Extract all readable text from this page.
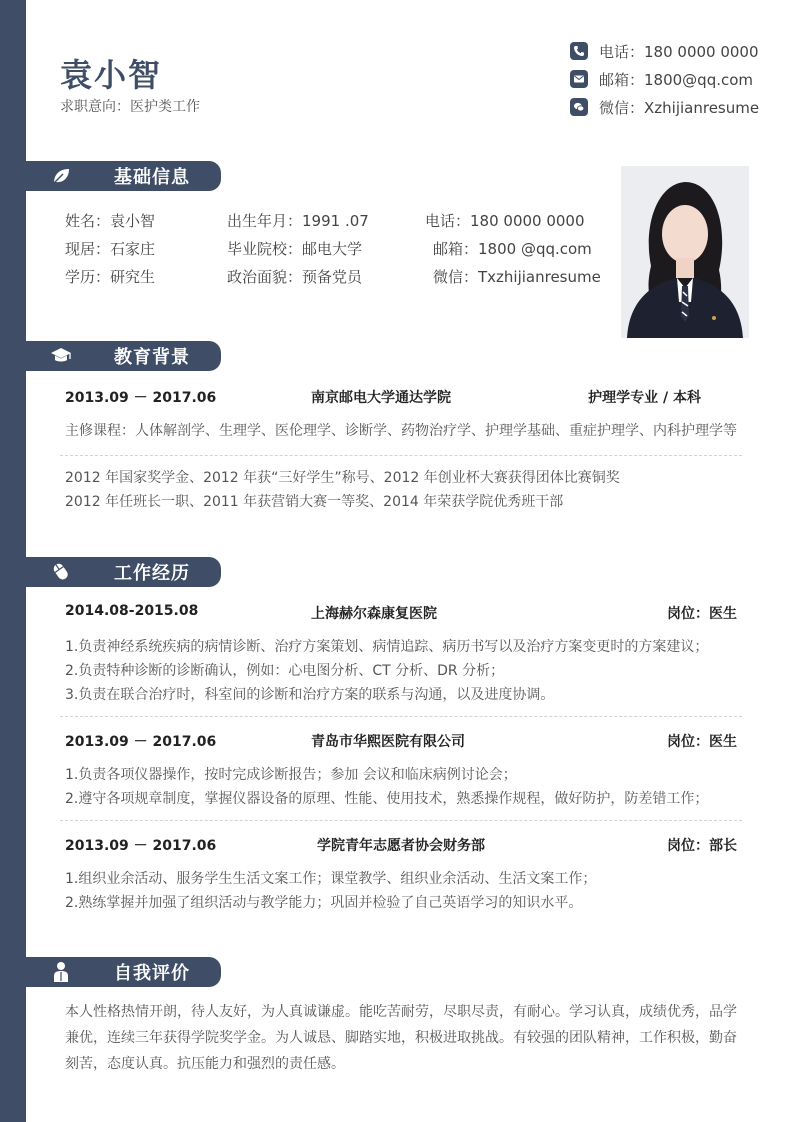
袁小智
求职意向：医护类工作
电话：180 0000 0000
邮箱：1800@qq.com
微信：Xzhijianresume
基础信息
姓名：袁小智	出生年月：1991 .07	电话：180 0000 0000
现居：石家庄	毕业院校：邮电大学	邮箱：1800 @qq.com
学历：研究生	政治面貌：预备党员	微信：Txzhijianresume
教育背景
2013.09 － 2017.06	南京邮电大学通达学院	护理学专业 / 本科
主修课程：人体解剖学、生理学、医伦理学、诊断学、药物治疗学、护理学基础、重症护理学、内科护理学等
2012 年国家奖学金、2012 年获“三好学生”称号、2012 年创业杯大赛获得团体比赛铜奖
2012 年任班长一职、2011 年获营销大赛一等奖、2014 年荣获学院优秀班干部
工作经历
2014.08-2015.08	上海赫尔森康复医院	岗位：医生
1.负责神经系统疾病的病情诊断、治疗方案策划、病情追踪、病历书写以及治疗方案变更时的方案建议；
2.负责特种诊断的诊断确认，例如：心电图分析、CT 分析、DR 分析；
3.负责在联合治疗时，科室间的诊断和治疗方案的联系与沟通，以及进度协调。
2013.09 － 2017.06	青岛市华熙医院有限公司	岗位：医生
1.负责各项仪器操作，按时完成诊断报告；参加 会议和临床病例讨论会；
2.遵守各项规章制度，掌握仪器设备的原理、性能、使用技术，熟悉操作规程，做好防护，防差错工作；
2013.09 － 2017.06	学院青年志愿者协会财务部	岗位：部长
1.组织业余活动、服务学生生活文案工作；课堂教学、组织业余活动、生活文案工作；
2.熟练掌握并加强了组织活动与教学能力；巩固并检验了自己英语学习的知识水平。
自我评价
本人性格热情开朗，待人友好，为人真诚谦虚。能吃苦耐劳，尽职尽责，有耐心。学习认真，成绩优秀，品学兼优，连续三年获得学院奖学金。为人诚恳、脚踏实地，积极进取挑战。有较强的团队精神，工作积极，勤奋刻苦，态度认真。抗压能力和强烈的责任感。
